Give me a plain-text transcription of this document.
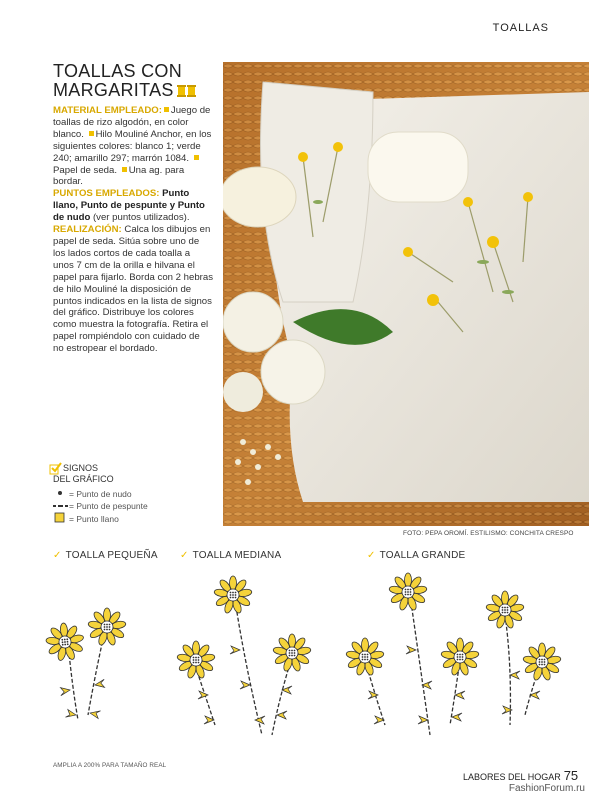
TOALLAS
TOALLAS CON
MARGARITAS
MATERIAL EMPLEADO: Juego de toallas de rizo algodón, en color blanco. Hilo Mouliné Anchor, en los siguientes colores: blanco 1; verde 240; amarillo 297; marrón 1084. Papel de seda. Una ag. para bordar.
PUNTOS EMPLEADOS: Punto llano, Punto de pespunte y Punto de nudo (ver puntos utilizados).
REALIZACIÓN: Calca los dibujos en papel de seda. Sitúa sobre uno de los lados cortos de cada toalla a unos 7 cm de la orilla e hilvana el papel para fijarlo. Borda con 2 hebras de hilo Mouliné la disposición de puntos indicados en la lista de signos del gráfico. Distribuye los colores como muestra la fotografía. Retira el papel rompiéndolo con cuidado de no estropear el bordado.
FOTO: PEPA OROMÍ. ESTILISMO: CONCHITA CRESPO
SIGNOS
DEL GRÁFICO
= Punto de nudo
= Punto de pespunte
= Punto llano
✓ TOALLA PEQUEÑA ✓ TOALLA MEDIANA	✓ TOALLA GRANDE
AMPLIA A 200% PARA TAMAÑO REAL
LABORES DEL HOGAR 75
FashionForum.ru
